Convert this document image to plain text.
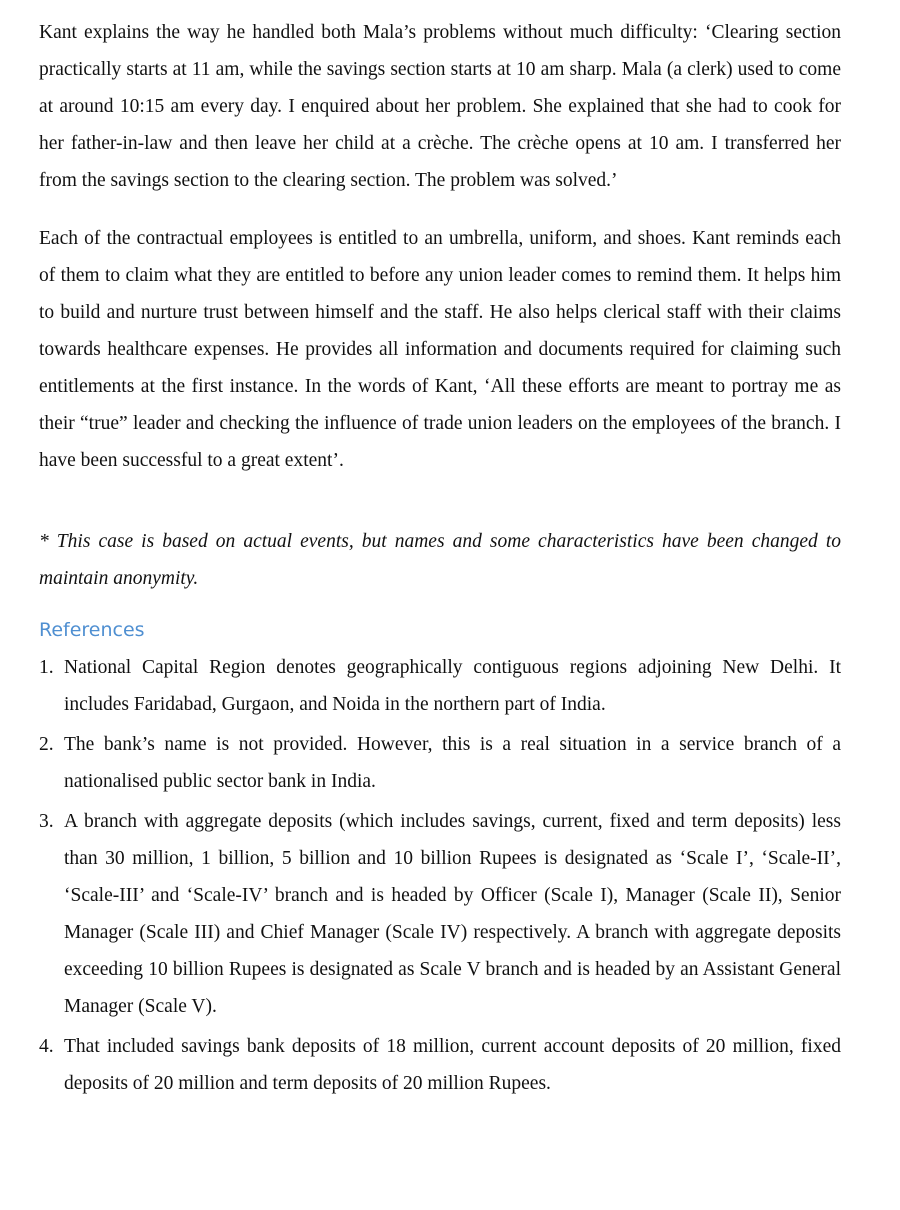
Kant explains the way he handled both Mala’s problems without much difficulty: ‘Clearing section practically starts at 11 am, while the savings section starts at 10 am sharp. Mala (a clerk) used to come at around 10:15 am every day. I enquired about her problem. She explained that she had to cook for her father-in-law and then leave her child at a crèche. The crèche opens at 10 am. I transferred her from the savings section to the clearing section. The problem was solved.’

Each of the contractual employees is entitled to an umbrella, uniform, and shoes. Kant reminds each of them to claim what they are entitled to before any union leader comes to remind them. It helps him to build and nurture trust between himself and the staff. He also helps clerical staff with their claims towards healthcare expenses. He provides all information and documents required for claiming such entitlements at the first instance. In the words of Kant, ‘All these efforts are meant to portray me as their “true” leader and checking the influence of trade union leaders on the employees of the branch. I have been successful to a great extent’.

* This case is based on actual events, but names and some characteristics have been changed to maintain anonymity.

References
1. National Capital Region denotes geographically contiguous regions adjoining New Delhi. It includes Faridabad, Gurgaon, and Noida in the northern part of India.
2. The bank’s name is not provided. However, this is a real situation in a service branch of a nationalised public sector bank in India.
3. A branch with aggregate deposits (which includes savings, current, fixed and term deposits) less than 30 million, 1 billion, 5 billion and 10 billion Rupees is designated as ‘Scale I’, ‘Scale-II’, ‘Scale-III’ and ‘Scale-IV’ branch and is headed by Officer (Scale I), Manager (Scale II), Senior Manager (Scale III) and Chief Manager (Scale IV) respectively. A branch with aggregate deposits exceeding 10 billion Rupees is designated as Scale V branch and is headed by an Assistant General Manager (Scale V).
4. That included savings bank deposits of 18 million, current account deposits of 20 million, fixed deposits of 20 million and term deposits of 20 million Rupees.
